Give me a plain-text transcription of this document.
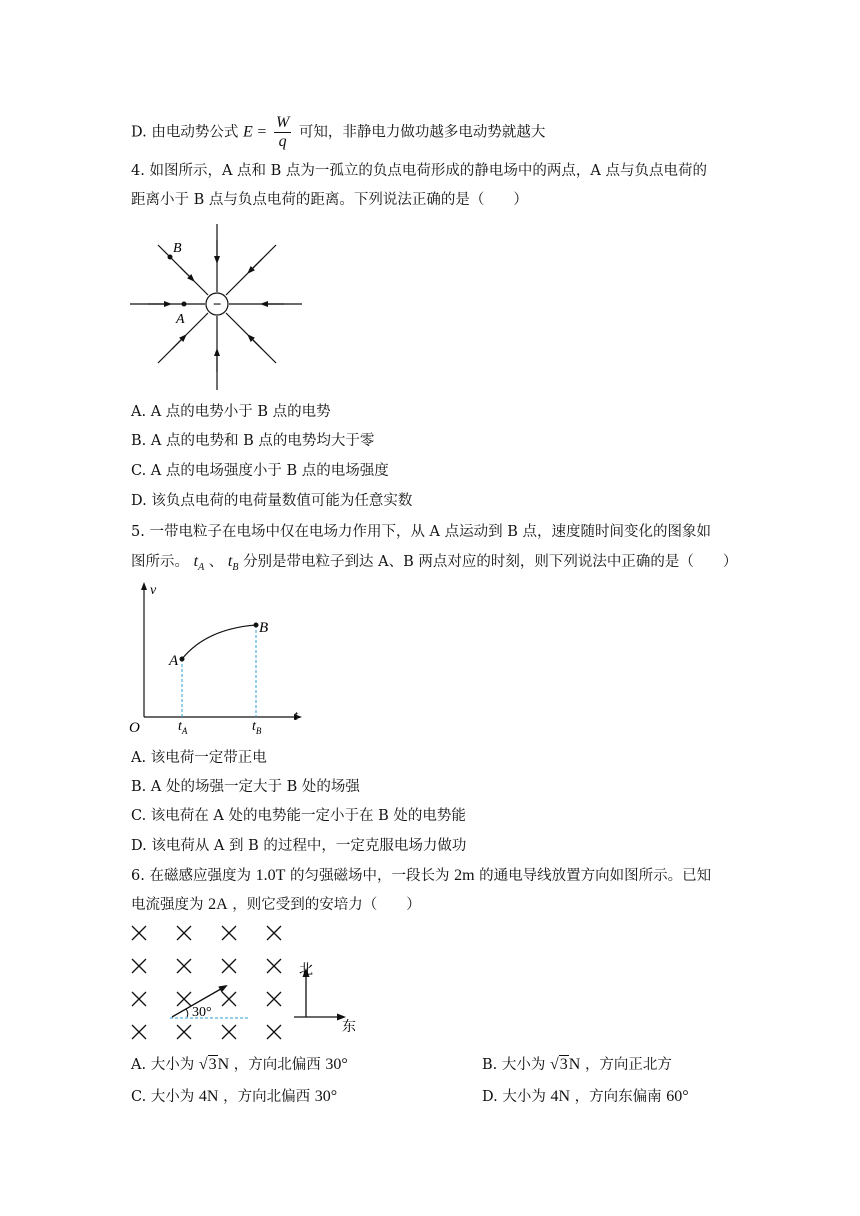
D. 由电动势公式 $E = \frac{W}{q}$ 可知，非静电力做功越多电动势就越大
4. 如图所示，A 点和 B 点为一孤立的负点电荷形成的静电场中的两点，A 点与负点电荷的
距离小于 B 点与负点电荷的距离。下列说法正确的是（　　）
B
A
−
A. A 点的电势小于 B 点的电势
B. A 点的电势和 B 点的电势均大于零
C. A 点的电场强度小于 B 点的电场强度
D. 该负点电荷的电荷量数值可能为任意实数
5. 一带电粒子在电场中仅在电场力作用下，从 A 点运动到 B 点，速度随时间变化的图象如
图所示。 $t_A$ 、 $t_B$ 分别是带电粒子到达 A、B 两点对应的时刻，则下列说法中正确的是（　　）
v
t
O
A
B
$t_A$	$t_B$
A. 该电荷一定带正电
B. A 处的场强一定大于 B 处的场强
C. 该电荷在 A 处的电势能一定小于在 B 处的电势能
D. 该电荷从 A 到 B 的过程中，一定克服电场力做功
6. 在磁感应强度为 1.0T 的匀强磁场中，一段长为 2m 的通电导线放置方向如图所示。已知
电流强度为 2A ，则它受到的安培力（　　）
30°
北
东
A. 大小为 √3N ，方向北偏西 30°	B. 大小为 √3N ，方向正北方
C. 大小为 4N ，方向北偏西 30°	D. 大小为 4N ，方向东偏南 60°
